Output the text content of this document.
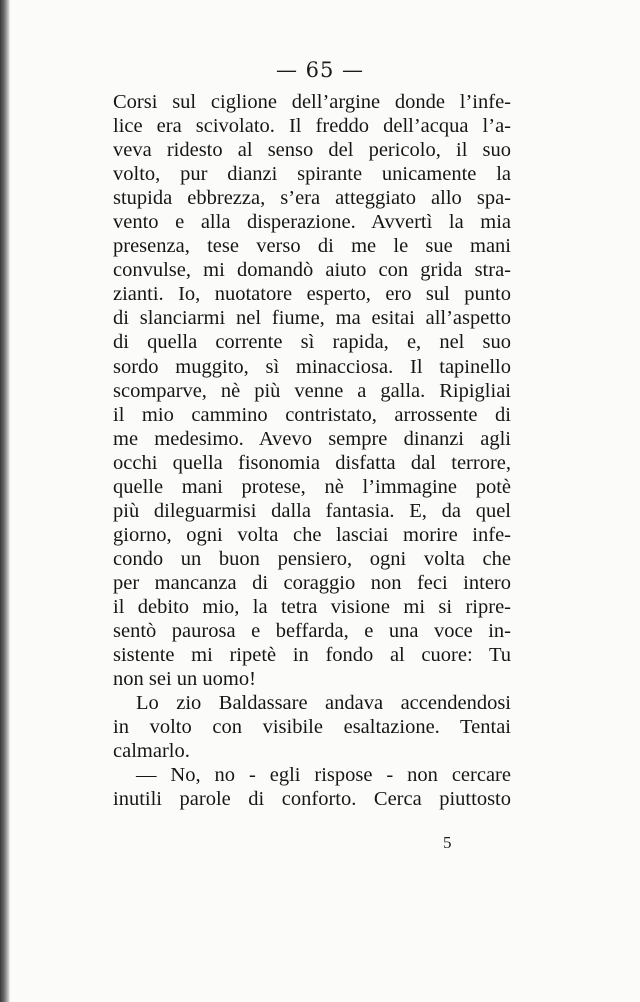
— 65 —
Corsi sul ciglione dell’argine donde l’infe-
lice era scivolato. Il freddo dell’acqua l’a-
veva ridesto al senso del pericolo, il suo
volto, pur dianzi spirante unicamente la
stupida ebbrezza, s’era atteggiato allo spa-
vento e alla disperazione. Avvertì la mia
presenza, tese verso di me le sue mani
convulse, mi domandò aiuto con grida stra-
zianti. Io, nuotatore esperto, ero sul punto
di slanciarmi nel fiume, ma esitai all’aspetto
di quella corrente sì rapida, e, nel suo
sordo muggito, sì minacciosa. Il tapinello
scomparve, nè più venne a galla. Ripigliai
il mio cammino contristato, arrossente di
me medesimo. Avevo sempre dinanzi agli
occhi quella fisonomia disfatta dal terrore,
quelle mani protese, nè l’immagine potè
più dileguarmisi dalla fantasia. E, da quel
giorno, ogni volta che lasciai morire infe-
condo un buon pensiero, ogni volta che
per mancanza di coraggio non feci intero
il debito mio, la tetra visione mi si ripre-
sentò paurosa e beffarda, e una voce in-
sistente mi ripetè in fondo al cuore: Tu
non sei un uomo!
Lo zio Baldassare andava accendendosi
in volto con visibile esaltazione. Tentai
calmarlo.
— No, no - egli rispose - non cercare
inutili parole di conforto. Cerca piuttosto
5
